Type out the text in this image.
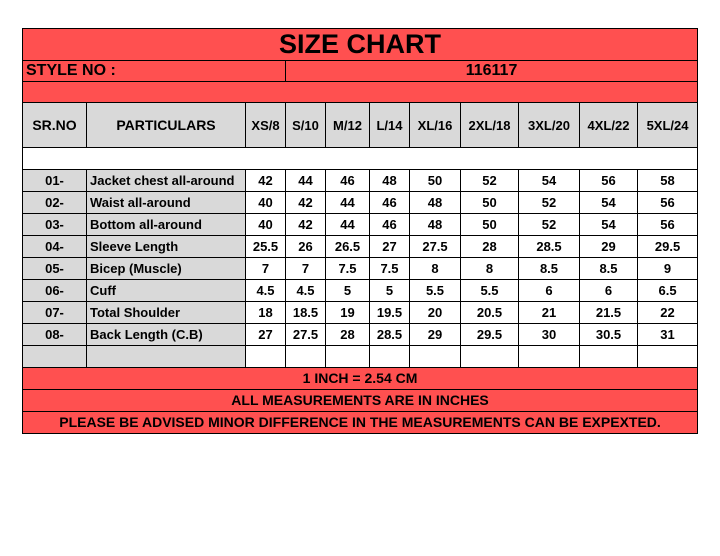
SIZE CHART										
STYLE NO :			116117							

SR.NO	PARTICULARS	XS/8	S/10	M/12	L/14	XL/16	2XL/18	3XL/20	4XL/22	5XL/24

01-	Jacket chest all-around	42	44	46	48	50	52	54	56	58
02-	Waist all-around	40	42	44	46	48	50	52	54	56
03-	Bottom all-around	40	42	44	46	48	50	52	54	56
04-	Sleeve Length	25.5	26	26.5	27	27.5	28	28.5	29	29.5
05-	Bicep (Muscle)	7	7	7.5	7.5	8	8	8.5	8.5	9
06-	Cuff	4.5	4.5	5	5	5.5	5.5	6	6	6.5
07-	Total Shoulder	18	18.5	19	19.5	20	20.5	21	21.5	22
08-	Back Length (C.B)	27	27.5	28	28.5	29	29.5	30	30.5	31

1 INCH = 2.54 CM										
ALL MEASUREMENTS ARE IN INCHES										
PLEASE BE ADVISED MINOR DIFFERENCE IN THE MEASUREMENTS CAN BE EXPEXTED.										
